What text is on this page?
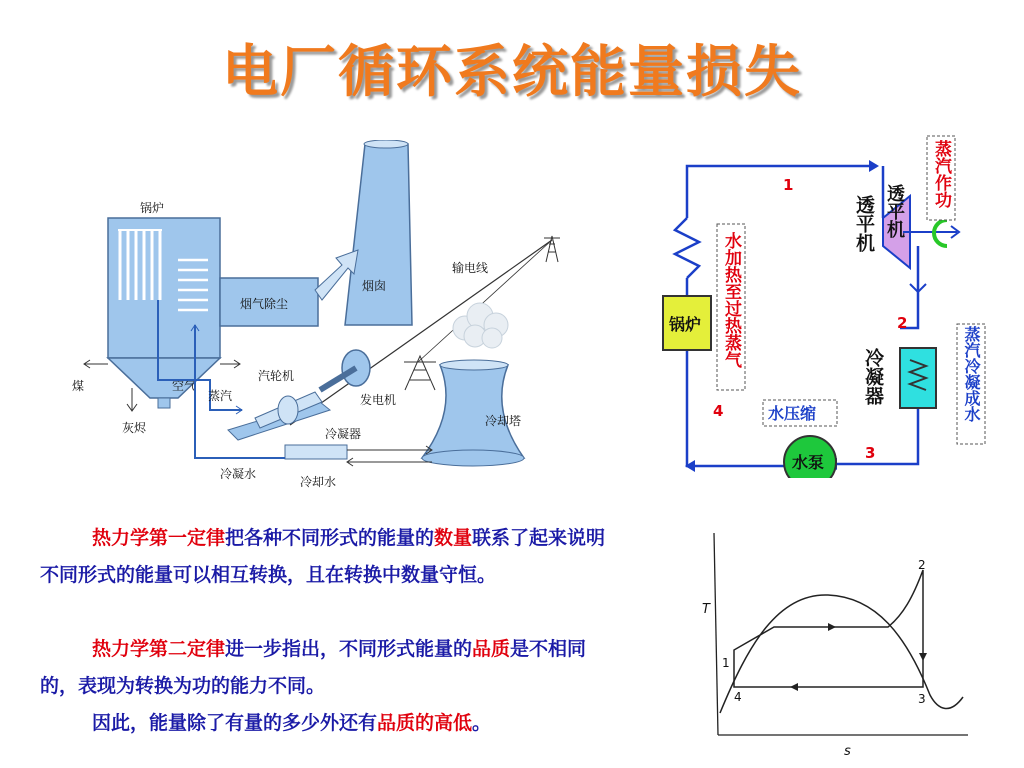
电厂循环系统能量损失
烟囱
锅炉
烟气除尘
煤	空气
灰烬
输电线
冷却塔
汽轮机
发电机
蒸汽
冷凝器
冷凝水
冷却水
透平机
锅炉
水泵
水压缩
1
2
3
4
透平机
蒸汽作功
水加热至过热蒸气
蒸汽冷凝成水
冷凝器
T
s
1
2
3
4
热力学第一定律把各种不同形式的能量的数量联系了起来说明不同形式的能量可以相互转换，且在转换中数量守恒。
热力学第二定律进一步指出，不同形式能量的品质是不相同的，表现为转换为功的能力不同。
因此，能量除了有量的多少外还有品质的高低。
